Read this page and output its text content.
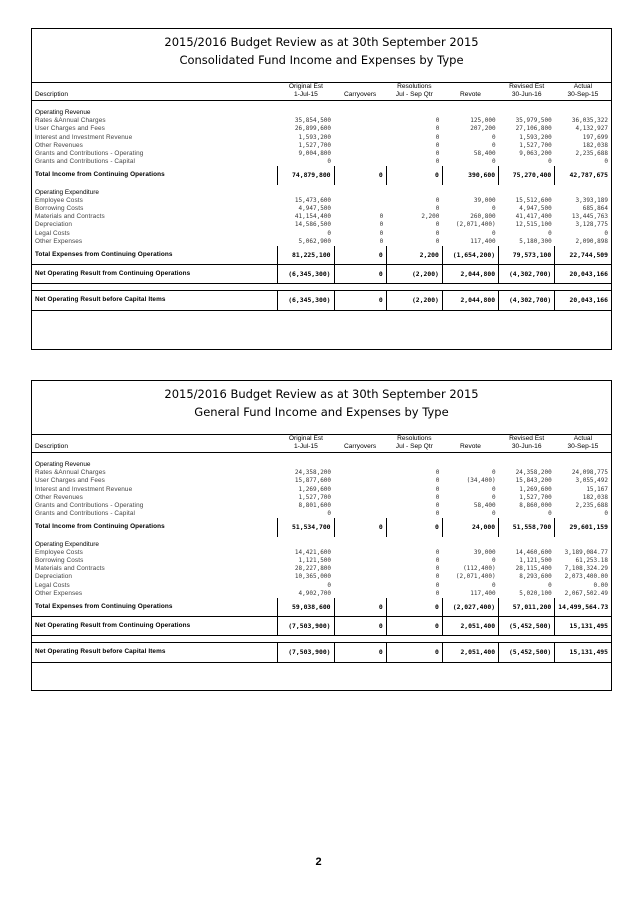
2015/2016 Budget Review as at 30th September 2015
Consolidated Fund Income and Expenses by Type
	Original Est		Resolutions		Revised Est	Actual
Description	1-Jul-15	Carryovers	Jul - Sep Qtr	Revote	30-Jun-16	30-Sep-15

Operating Revenue						
Rates &Annual Charges	35,854,500		0	125,000	35,979,500	36,035,322
User Charges and Fees	26,899,600		0	207,200	27,106,800	4,132,927
Interest and Investment Revenue	1,593,200		0	0	1,593,200	197,699
Other Revenues	1,527,700		0	0	1,527,700	182,038
Grants and Contributions - Operating	9,004,800		0	58,400	9,063,200	2,235,688
Grants and Contributions - Capital	0		0	0	0	0
Total Income from Continuing Operations	74,879,800	0	0	390,600	75,270,400	42,787,675
Operating Expenditure						
Employee Costs	15,473,600		0	39,000	15,512,600	3,393,189
Borrowing Costs	4,947,500		0	0	4,947,500	685,864
Materials and Contracts	41,154,400	0	2,200	260,800	41,417,400	13,445,763
Depreciation	14,586,500	0	0	(2,071,400)	12,515,100	3,128,775
Legal Costs	0	0	0	0	0	0
Other Expenses	5,062,900	0	0	117,400	5,180,300	2,090,898
Total Expenses from Continuing Operations	81,225,100	0	2,200	(1,654,200)	79,573,100	22,744,509
Net Operating Result from Continuing Operations	(6,345,300)	0	(2,200)	2,044,800	(4,302,700)	20,043,166

Net Operating Result before Capital Items	(6,345,300)	0	(2,200)	2,044,800	(4,302,700)	20,043,166
2015/2016 Budget Review as at 30th September 2015
General Fund Income and Expenses by Type
	Original Est		Resolutions		Revised Est	Actual
Description	1-Jul-15	Carryovers	Jul - Sep Qtr	Revote	30-Jun-16	30-Sep-15

Operating Revenue						
Rates &Annual Charges	24,358,200		0	0	24,358,200	24,098,775
User Charges and Fees	15,877,600		0	(34,400)	15,843,200	3,055,492
Interest and Investment Revenue	1,269,600		0	0	1,269,600	15,167
Other Revenues	1,527,700		0	0	1,527,700	182,038
Grants and Contributions - Operating	8,801,600		0	58,400	8,860,000	2,235,688
Grants and Contributions - Capital	0		0	0	0	0
Total Income from Continuing Operations	51,534,700	0	0	24,000	51,558,700	29,601,159
Operating Expenditure						
Employee Costs	14,421,600		0	39,000	14,460,600	3,189,084.77
Borrowing Costs	1,121,500		0	0	1,121,500	61,253.18
Materials and Contracts	28,227,800		0	(112,400)	28,115,400	7,108,324.29
Depreciation	10,365,000		0	(2,071,400)	8,293,600	2,073,400.00
Legal Costs	0		0	0	0	0.00
Other Expenses	4,902,700		0	117,400	5,020,100	2,067,502.49
Total Expenses from Continuing Operations	59,038,600	0	0	(2,027,400)	57,011,200	14,499,564.73
Net Operating Result from Continuing Operations	(7,503,900)	0	0	2,051,400	(5,452,500)	15,131,495

Net Operating Result before Capital Items	(7,503,900)	0	0	2,051,400	(5,452,500)	15,131,495
2
